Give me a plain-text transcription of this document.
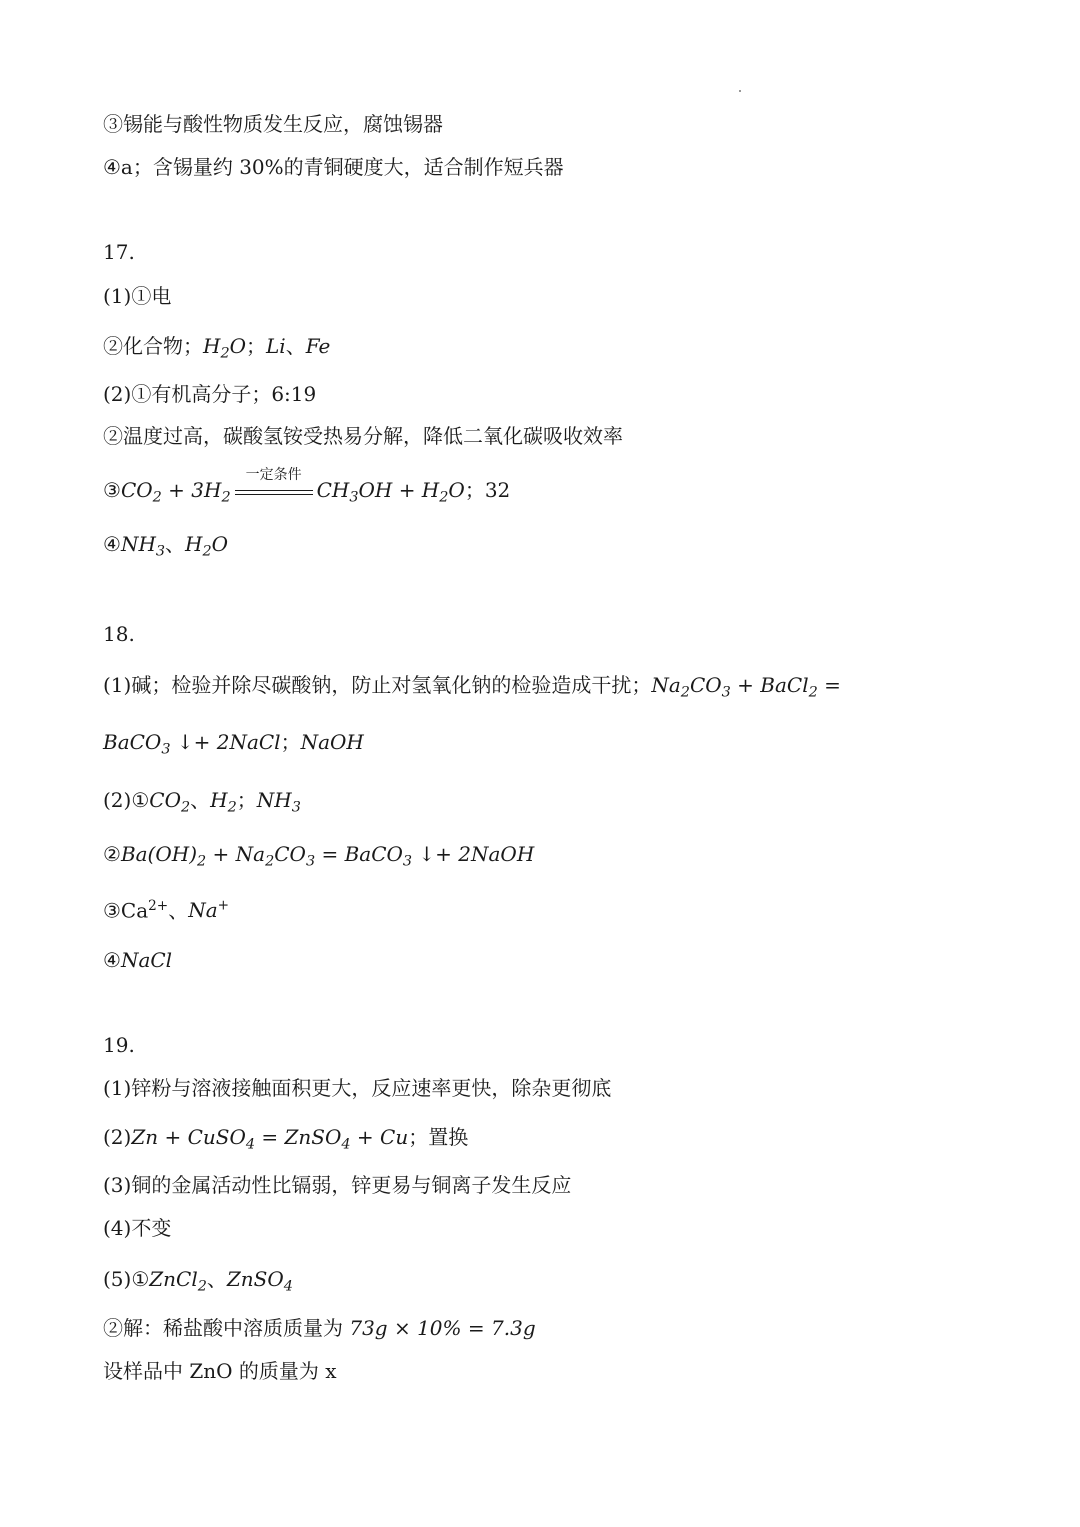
③锡能与酸性物质发生反应，腐蚀锡器
④a；含锡量约 30%的青铜硬度大，适合制作短兵器
17.
(1)①电
②化合物；$H_2O$；Li、Fe
(2)①有机高分子；6:19
②温度过高，碳酸氢铵受热易分解，降低二氧化碳吸收效率
$③CO_2 + 3H_2$
一定条件
$CH_3OH + H_2O$；32
$④NH_3$、$H_2O$
18.
(1)碱；检验并除尽碳酸钠，防止对氢氧化钠的检验造成干扰；$Na_2CO_3$ + BaCl$_2$ =
BaCO$_3$ ↓+ 2NaCl；NaOH
$(2)①CO_2$、$H_2$；$NH_3$
$②Ba(OH)_2 + Na_2CO_3$ = BaCO$_3$ ↓+ 2NaOH
$③Ca^{2+}$、Na+
④NaCl
19.
(1)锌粉与溶液接触面积更大，反应速率更快，除杂更彻底
(2)Zn + CuSO$_4$ = ZnSO$_4$ + Cu；置换
(3)铜的金属活动性比镉弱，锌更易与铜离子发生反应
(4)不变
(5)①ZnCl$_2$、ZnSO$_4$
②解：稀盐酸中溶质质量为 73g × 10% = 7.3g
设样品中 ZnO 的质量为 x
